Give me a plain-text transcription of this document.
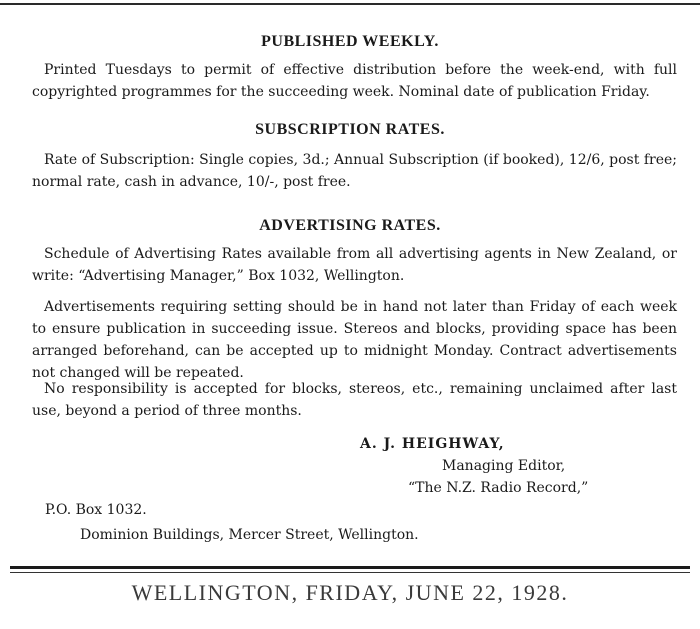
PUBLISHED WEEKLY.

Printed Tuesdays to permit of effective distribution before the week-end, with full copyrighted programmes for the succeeding week. Nominal date of publication Friday.

SUBSCRIPTION RATES.

Rate of Subscription: Single copies, 3d.; Annual Subscription (if booked), 12/6, post free; normal rate, cash in advance, 10/-, post free.

ADVERTISING RATES.

Schedule of Advertising Rates available from all advertising agents in New Zealand, or write: “Advertising Manager,” Box 1032, Wellington.

Advertisements requiring setting should be in hand not later than Friday of each week to ensure publication in succeeding issue. Stereos and blocks, providing space has been arranged beforehand, can be accepted up to midnight Monday. Contract advertisements not changed will be repeated.

No responsibility is accepted for blocks, stereos, etc., remaining unclaimed after last use, beyond a period of three months.

A. J. HEIGHWAY,

Managing Editor,

“The N.Z. Radio Record,”

P.O. Box 1032.

Dominion Buildings, Mercer Street, Wellington.

WELLINGTON, FRIDAY, JUNE 22, 1928.
